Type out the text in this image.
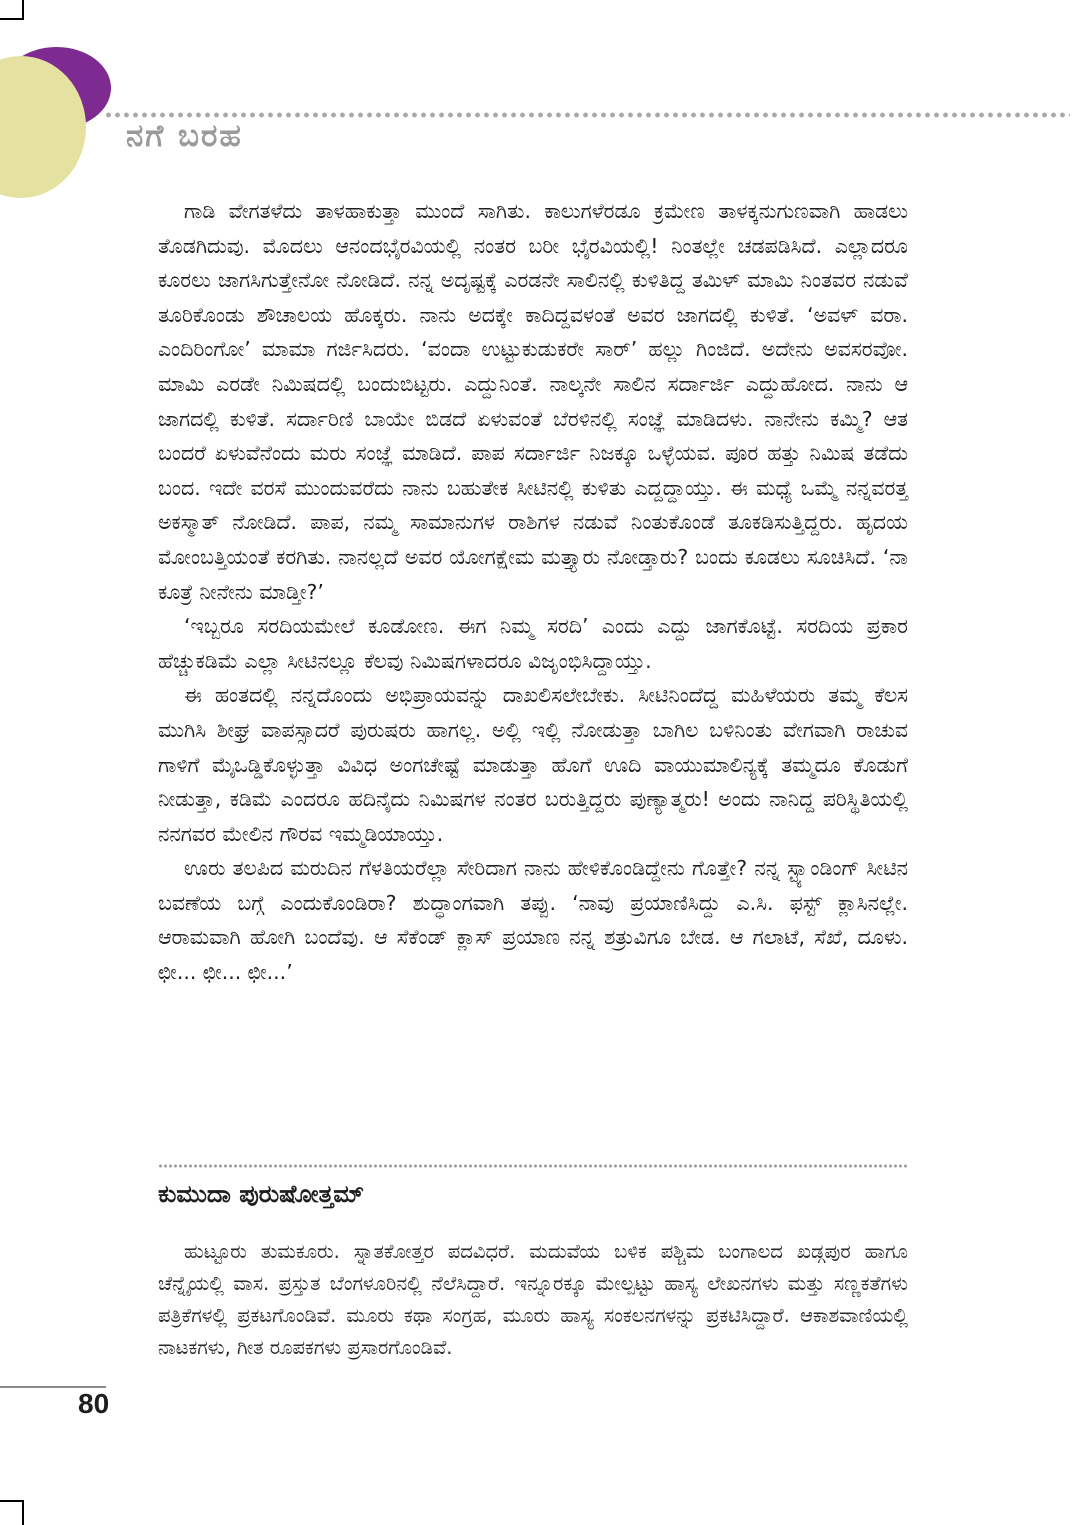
ನಗೆ ಬರಹ

ಗಾಡಿ ವೇಗತಳೆದು ತಾಳಹಾಕುತ್ತಾ ಮುಂದೆ ಸಾಗಿತು. ಕಾಲುಗಳೆರಡೂ ಕ್ರಮೇಣ ತಾಳಕ್ಕನುಗುಣವಾಗಿ ಹಾಡಲು ತೊಡಗಿದುವು. ಮೊದಲು ಆನಂದಭೈರವಿಯಲ್ಲಿ ನಂತರ ಬರೀ ಭೈರವಿಯಲ್ಲಿ! ನಿಂತಲ್ಲೇ ಚಡಪಡಿಸಿದೆ. ಎಲ್ಲಾದರೂ ಕೂರಲು ಜಾಗಸಿಗುತ್ತೇನೋ ನೋಡಿದೆ. ನನ್ನ ಅದೃಷ್ಟಕ್ಕೆ ಎರಡನೇ ಸಾಲಿನಲ್ಲಿ ಕುಳಿತಿದ್ದ ತಮಿಳ್ ಮಾಮಿ ನಿಂತವರ ನಡುವೆ ತೂರಿಕೊಂಡು ಶೌಚಾಲಯ ಹೊಕ್ಕರು. ನಾನು ಅದಕ್ಕೇ ಕಾದಿದ್ದವಳಂತೆ ಅವರ ಜಾಗದಲ್ಲಿ ಕುಳಿತೆ. ‘ಅವಳ್ ವರಾ. ಎಂದಿರಿಂಗೋ’ ಮಾಮಾ ಗರ್ಜಿಸಿದರು. ‘ವಂದಾ ಉಟ್ಟುಕುಡುಕರೇ ಸಾರ್’ ಹಲ್ಲು ಗಿಂಜಿದೆ. ಅದೇನು ಅವಸರವೋ. ಮಾಮಿ ಎರಡೇ ನಿಮಿಷದಲ್ಲಿ ಬಂದುಬಿಟ್ಟರು. ಎದ್ದುನಿಂತೆ. ನಾಲ್ಕನೇ ಸಾಲಿನ ಸರ್ದಾರ್ಜಿ ಎದ್ದುಹೋದ. ನಾನು ಆ ಜಾಗದಲ್ಲಿ ಕುಳಿತೆ. ಸರ್ದಾರಿಣಿ ಬಾಯೇ ಬಿಡದೆ ಏಳುವಂತೆ ಬೆರಳಿನಲ್ಲಿ ಸಂಜ್ಞೆ ಮಾಡಿದಳು. ನಾನೇನು ಕಮ್ಮಿ? ಆತ ಬಂದರೆ ಏಳುವೆನೆಂದು ಮರು ಸಂಜ್ಞೆ ಮಾಡಿದೆ. ಪಾಪ ಸರ್ದಾರ್ಜಿ ನಿಜಕ್ಕೂ ಒಳ್ಳೆಯವ. ಪೂರ ಹತ್ತು ನಿಮಿಷ ತಡೆದು ಬಂದ. ಇದೇ ವರಸೆ ಮುಂದುವರೆದು ನಾನು ಬಹುತೇಕ ಸೀಟಿನಲ್ಲಿ ಕುಳಿತು ಎದ್ದದ್ದಾಯ್ತು. ಈ ಮಧ್ಯೆ ಒಮ್ಮೆ ನನ್ನವರತ್ತ ಅಕಸ್ಮಾತ್ ನೋಡಿದೆ. ಪಾಪ, ನಮ್ಮ ಸಾಮಾನುಗಳ ರಾಶಿಗಳ ನಡುವೆ ನಿಂತುಕೊಂಡೆ ತೂಕಡಿಸುತ್ತಿದ್ದರು. ಹೃದಯ ಮೋಂಬತ್ತಿಯಂತೆ ಕರಗಿತು. ನಾನಲ್ಲದೆ ಅವರ ಯೋಗಕ್ಷೇಮ ಮತ್ತ್ಯಾರು ನೋಡ್ತಾರು? ಬಂದು ಕೂಡಲು ಸೂಚಿಸಿದೆ. ‘ನಾ ಕೂತ್ರೆ ನೀನೇನು ಮಾಡ್ತೀ?’

‘ಇಬ್ಬರೂ ಸರದಿಯಮೇಲೆ ಕೂಡೋಣ. ಈಗ ನಿಮ್ಮ ಸರದಿ’ ಎಂದು ಎದ್ದು ಜಾಗಕೊಟ್ಟೆ. ಸರದಿಯ ಪ್ರಕಾರ ಹೆಚ್ಚುಕಡಿಮೆ ಎಲ್ಲಾ ಸೀಟಿನಲ್ಲೂ ಕೆಲವು ನಿಮಿಷಗಳಾದರೂ ವಿಜೃಂಭಿಸಿದ್ದಾಯ್ತು.

ಈ ಹಂತದಲ್ಲಿ ನನ್ನದೊಂದು ಅಭಿಪ್ರಾಯವನ್ನು ದಾಖಲಿಸಲೇಬೇಕು. ಸೀಟಿನಿಂದೆದ್ದ ಮಹಿಳೆಯರು ತಮ್ಮ ಕೆಲಸ ಮುಗಿಸಿ ಶೀಘ್ರ ವಾಪಸ್ಸಾದರೆ ಪುರುಷರು ಹಾಗಲ್ಲ. ಅಲ್ಲಿ ಇಲ್ಲಿ ನೋಡುತ್ತಾ ಬಾಗಿಲ ಬಳಿನಿಂತು ವೇಗವಾಗಿ ರಾಚುವ ಗಾಳಿಗೆ ಮೈಒಡ್ಡಿಕೊಳ್ಳುತ್ತಾ ವಿವಿಧ ಅಂಗಚೇಷ್ಟೆ ಮಾಡುತ್ತಾ ಹೊಗೆ ಊದಿ ವಾಯುಮಾಲಿನ್ಯಕ್ಕೆ ತಮ್ಮದೂ ಕೊಡುಗೆ ನೀಡುತ್ತಾ, ಕಡಿಮೆ ಎಂದರೂ ಹದಿನೈದು ನಿಮಿಷಗಳ ನಂತರ ಬರುತ್ತಿದ್ದರು ಪುಣ್ಯಾತ್ಮರು! ಅಂದು ನಾನಿದ್ದ ಪರಿಸ್ಥಿತಿಯಲ್ಲಿ ನನಗವರ ಮೇಲಿನ ಗೌರವ ಇಮ್ಮಡಿಯಾಯ್ತು.

ಊರು ತಲಪಿದ ಮರುದಿನ ಗೆಳತಿಯರೆಲ್ಲಾ ಸೇರಿದಾಗ ನಾನು ಹೇಳಿಕೊಂಡಿದ್ದೇನು ಗೊತ್ತೇ? ನನ್ನ ಸ್ಟ್ಯಾಂಡಿಂಗ್ ಸೀಟಿನ ಬವಣೆಯ ಬಗ್ಗೆ ಎಂದುಕೊಂಡಿರಾ? ಶುದ್ಧಾಂಗವಾಗಿ ತಪ್ಪು. ‘ನಾವು ಪ್ರಯಾಣಿಸಿದ್ದು ಎ.ಸಿ. ಫಸ್ಟ್ ಕ್ಲಾಸಿನಲ್ಲೇ. ಆರಾಮವಾಗಿ ಹೋಗಿ ಬಂದೆವು. ಆ ಸೆಕೆಂಡ್ ಕ್ಲಾಸ್ ಪ್ರಯಾಣ ನನ್ನ ಶತ್ರುವಿಗೂ ಬೇಡ. ಆ ಗಲಾಟೆ, ಸೆಖೆ, ದೂಳು. ಛೀ... ಛೀ... ಛೀ...’

ಕುಮುದಾ ಪುರುಷೋತ್ತಮ್

ಹುಟ್ಟೂರು ತುಮಕೂರು. ಸ್ನಾತಕೋತ್ತರ ಪದವಿಧರೆ. ಮದುವೆಯ ಬಳಿಕ ಪಶ್ಚಿಮ ಬಂಗಾಲದ ಖಡ್ಗಪುರ ಹಾಗೂ ಚೆನ್ನೈಯಲ್ಲಿ ವಾಸ. ಪ್ರಸ್ತುತ ಬೆಂಗಳೂರಿನಲ್ಲಿ ನೆಲೆಸಿದ್ದಾರೆ. ಇನ್ನೂರಕ್ಕೂ ಮೇಲ್ಪಟ್ಟು ಹಾಸ್ಯ ಲೇಖನಗಳು ಮತ್ತು ಸಣ್ಣಕತೆಗಳು ಪತ್ರಿಕೆಗಳಲ್ಲಿ ಪ್ರಕಟಗೊಂಡಿವೆ. ಮೂರು ಕಥಾ ಸಂಗ್ರಹ, ಮೂರು ಹಾಸ್ಯ ಸಂಕಲನಗಳನ್ನು ಪ್ರಕಟಿಸಿದ್ದಾರೆ. ಆಕಾಶವಾಣಿಯಲ್ಲಿ ನಾಟಕಗಳು, ಗೀತ ರೂಪಕಗಳು ಪ್ರಸಾರಗೊಂಡಿವೆ.

80
